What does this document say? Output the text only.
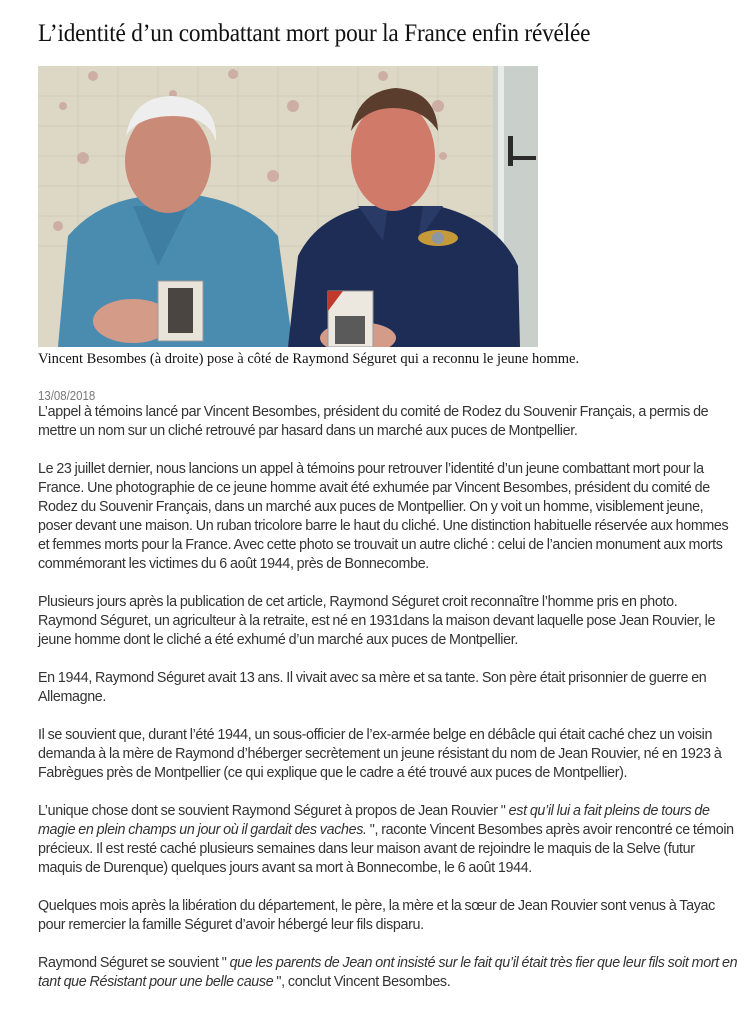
L’identité d’un combattant mort pour la France enfin révélée
Vincent Besombes (à droite) pose à côté de Raymond Séguret qui a reconnu le jeune homme.
13/08/2018

L’appel à témoins lancé par Vincent Besombes, président du comité de Rodez du Souvenir Français, a permis de mettre un nom sur un cliché retrouvé par hasard dans un marché aux puces de Montpellier.

Le 23 juillet dernier, nous lancions un appel à témoins pour retrouver l’identité d’un jeune combattant mort pour la France. Une photographie de ce jeune homme avait été exhumée par Vincent Besombes, président du comité de Rodez du Souvenir Français, dans un marché aux puces de Montpellier. On y voit un homme, visiblement jeune, poser devant une maison. Un ruban tricolore barre le haut du cliché. Une distinction habituelle réservée aux hommes et femmes morts pour la France. Avec cette photo se trouvait un autre cliché : celui de l’ancien monument aux morts commémorant les victimes du 6 août 1944, près de Bonnecombe.

Plusieurs jours après la publication de cet article, Raymond Séguret croit reconnaître l’homme pris en photo. Raymond Séguret, un agriculteur à la retraite, est né en 1931dans la maison devant laquelle pose Jean Rouvier, le jeune homme dont le cliché a été exhumé d’un marché aux puces de Montpellier.

En 1944, Raymond Séguret avait 13 ans. Il vivait avec sa mère et sa tante. Son père était prisonnier de guerre en Allemagne.

Il se souvient que, durant l’été 1944, un sous-officier de l’ex-armée belge en débâcle qui était caché chez un voisin demanda à la mère de Raymond d’héberger secrètement un jeune résistant du nom de Jean Rouvier, né en 1923 à Fabrègues près de Montpellier (ce qui explique que le cadre a été trouvé aux puces de Montpellier).

L’unique chose dont se souvient Raymond Séguret à propos de Jean Rouvier " est qu’il lui a fait pleins de tours de magie en plein champs un jour où il gardait des vaches. ", raconte Vincent Besombes après avoir rencontré ce témoin précieux. Il est resté caché plusieurs semaines dans leur maison avant de rejoindre le maquis de la Selve (futur maquis de Durenque) quelques jours avant sa mort à Bonnecombe, le 6 août 1944.

Quelques mois après la libération du département, le père, la mère et la sœur de Jean Rouvier sont venus à Tayac pour remercier la famille Séguret d’avoir hébergé leur fils disparu.

Raymond Séguret se souvient " que les parents de Jean ont insisté sur le fait qu’il était très fier que leur fils soit mort en tant que Résistant pour une belle cause ", conclut Vincent Besombes.
